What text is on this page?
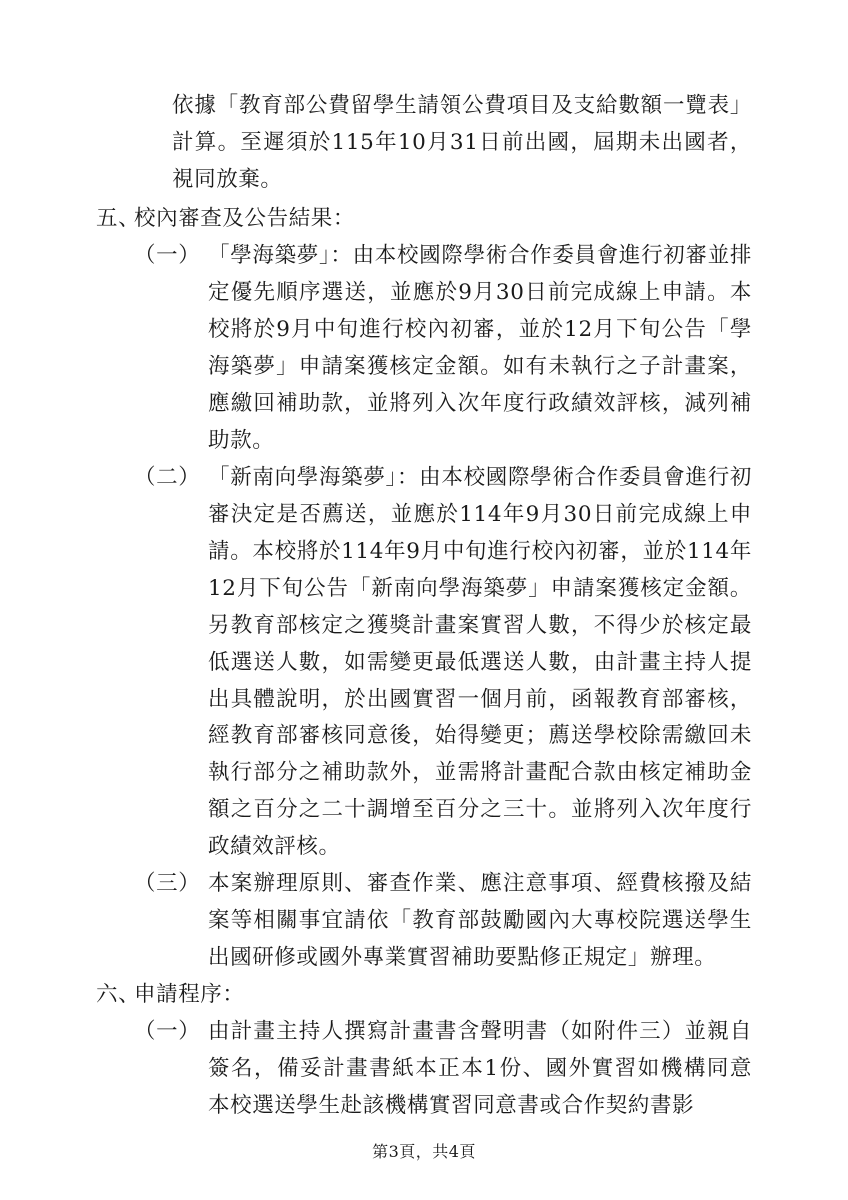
依據「教育部公費留學生請領公費項目及支給數額一覽表」計算。至遲須於115年10月31日前出國，屆期未出國者，視同放棄。

五、
校內審查及公告結果：

（一） 「學海築夢」：由本校國際學術合作委員會進行初審並排定優先順序選送，並應於9月30日前完成線上申請。本校將於9月中旬進行校內初審，並於12月下旬公告「學海築夢」申請案獲核定金額。如有未執行之子計畫案，應繳回補助款，並將列入次年度行政績效評核，減列補助款。

（二） 「新南向學海築夢」：由本校國際學術合作委員會進行初審決定是否薦送，並應於114年9月30日前完成線上申請。本校將於114年9月中旬進行校內初審，並於114年12月下旬公告「新南向學海築夢」申請案獲核定金額。另教育部核定之獲獎計畫案實習人數，不得少於核定最低選送人數，如需變更最低選送人數，由計畫主持人提出具體說明，於出國實習一個月前，函報教育部審核，經教育部審核同意後，始得變更；薦送學校除需繳回未執行部分之補助款外，並需將計畫配合款由核定補助金額之百分之二十調增至百分之三十。並將列入次年度行政績效評核。

（三） 本案辦理原則、審查作業、應注意事項、經費核撥及結案等相關事宜請依「教育部鼓勵國內大專校院選送學生出國研修或國外專業實習補助要點修正規定」辦理。

六、
申請程序：

（一） 由計畫主持人撰寫計畫書含聲明書（如附件三）並親自簽名，備妥計畫書紙本正本1份、國外實習如機構同意本校選送學生赴該機構實習同意書或合作契約書影

第3頁，共4頁
